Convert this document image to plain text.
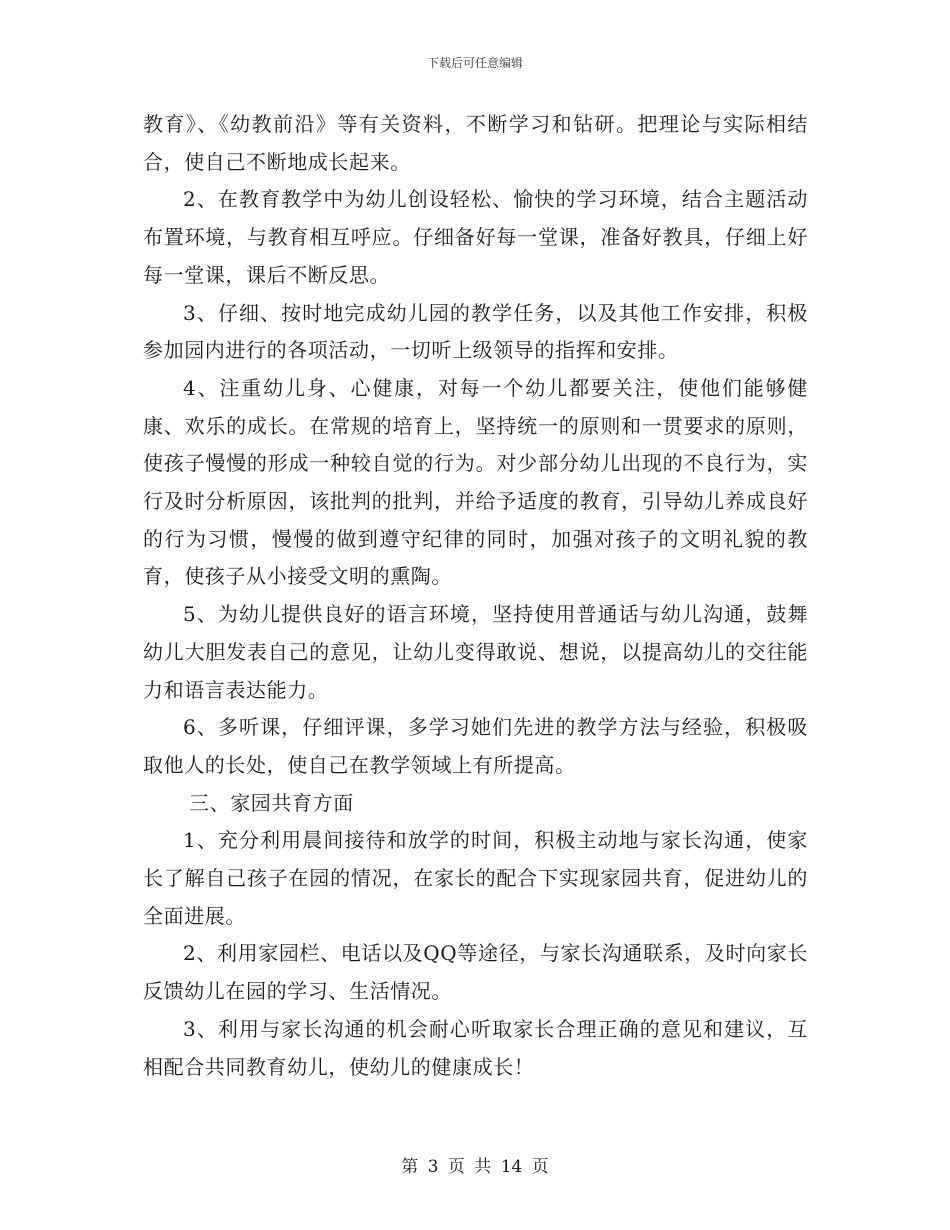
下载后可任意编辑

教育》、《幼教前沿》等有关资料，不断学习和钻研。把理论与实际相结合，使自己不断地成长起来。

2、在教育教学中为幼儿创设轻松、愉快的学习环境，结合主题活动布置环境，与教育相互呼应。仔细备好每一堂课，准备好教具，仔细上好每一堂课，课后不断反思。

3、仔细、按时地完成幼儿园的教学任务，以及其他工作安排，积极参加园内进行的各项活动，一切听上级领导的指挥和安排。

4、注重幼儿身、心健康，对每一个幼儿都要关注，使他们能够健康、欢乐的成长。在常规的培育上，坚持统一的原则和一贯要求的原则，使孩子慢慢的形成一种较自觉的行为。对少部分幼儿出现的不良行为，实行及时分析原因，该批判的批判，并给予适度的教育，引导幼儿养成良好的行为习惯，慢慢的做到遵守纪律的同时，加强对孩子的文明礼貌的教育，使孩子从小接受文明的熏陶。

5、为幼儿提供良好的语言环境，坚持使用普通话与幼儿沟通，鼓舞幼儿大胆发表自己的意见，让幼儿变得敢说、想说，以提高幼儿的交往能力和语言表达能力。

6、多听课，仔细评课，多学习她们先进的教学方法与经验，积极吸取他人的长处，使自己在教学领域上有所提高。

三、家园共育方面

1、充分利用晨间接待和放学的时间，积极主动地与家长沟通，使家长了解自己孩子在园的情况，在家长的配合下实现家园共育，促进幼儿的全面进展。

2、利用家园栏、电话以及QQ等途径，与家长沟通联系，及时向家长反馈幼儿在园的学习、生活情况。

3、利用与家长沟通的机会耐心听取家长合理正确的意见和建议，互相配合共同教育幼儿，使幼儿的健康成长！

第 3 页 共 14 页
